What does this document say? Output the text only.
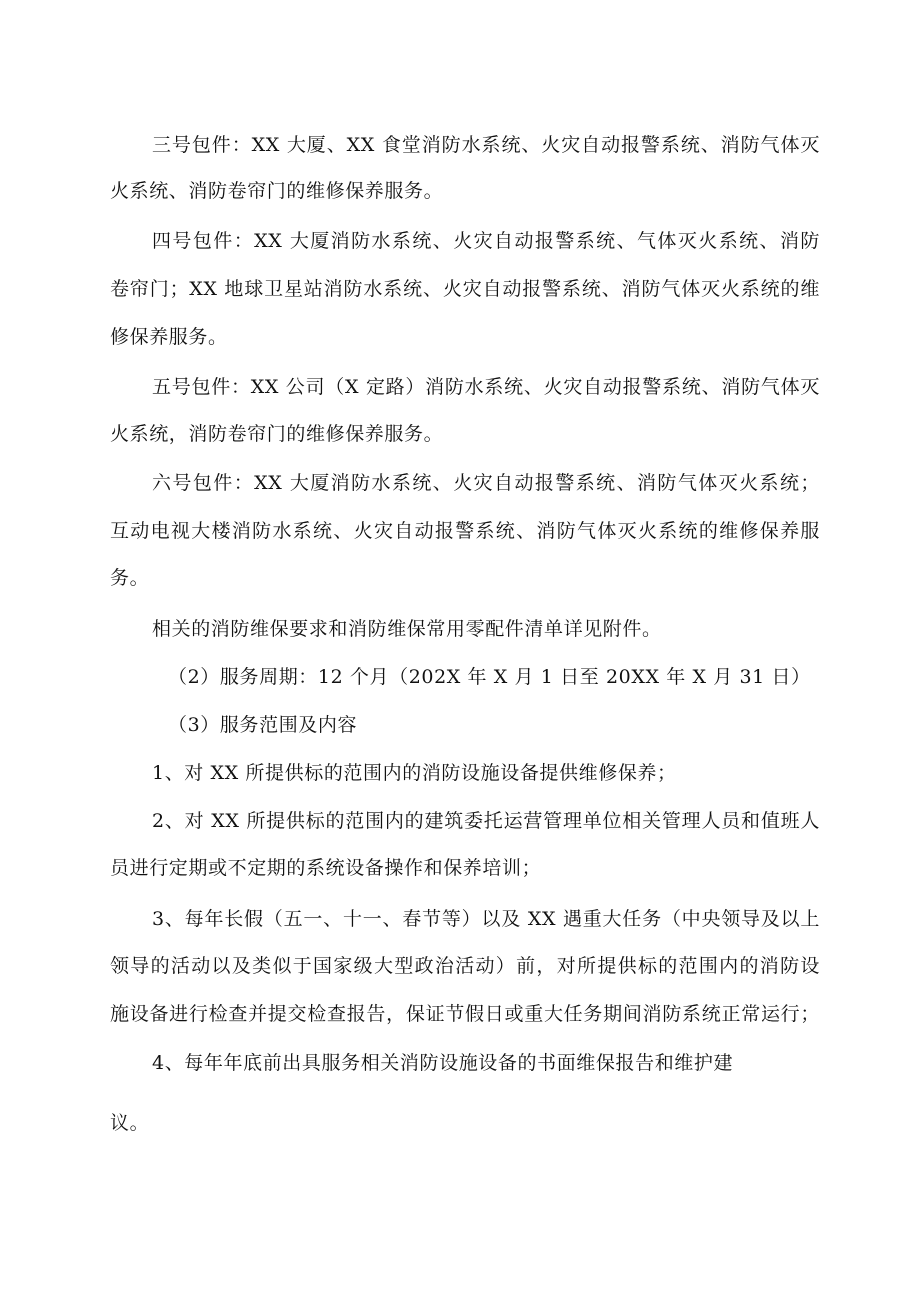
三号包件：XX 大厦、XX 食堂消防水系统、火灾自动报警系统、消防气体灭
火系统、消防卷帘门的维修保养服务。
四号包件：XX 大厦消防水系统、火灾自动报警系统、气体灭火系统、消防
卷帘门；XX 地球卫星站消防水系统、火灾自动报警系统、消防气体灭火系统的维
修保养服务。
五号包件：XX 公司（X 定路）消防水系统、火灾自动报警系统、消防气体灭
火系统，消防卷帘门的维修保养服务。
六号包件：XX 大厦消防水系统、火灾自动报警系统、消防气体灭火系统；
互动电视大楼消防水系统、火灾自动报警系统、消防气体灭火系统的维修保养服
务。
相关的消防维保要求和消防维保常用零配件清单详见附件。
（2）服务周期：12 个月（202X 年 X 月 1 日至 20XX 年 X 月 31 日）
（3）服务范围及内容
1、对 XX 所提供标的范围内的消防设施设备提供维修保养；
2、对 XX 所提供标的范围内的建筑委托运营管理单位相关管理人员和值班人
员进行定期或不定期的系统设备操作和保养培训；
3、每年长假（五一、十一、春节等）以及 XX 遇重大任务（中央领导及以上
领导的活动以及类似于国家级大型政治活动）前，对所提供标的范围内的消防设
施设备进行检查并提交检查报告，保证节假日或重大任务期间消防系统正常运行；
4、每年年底前出具服务相关消防设施设备的书面维保报告和维护建
议。
